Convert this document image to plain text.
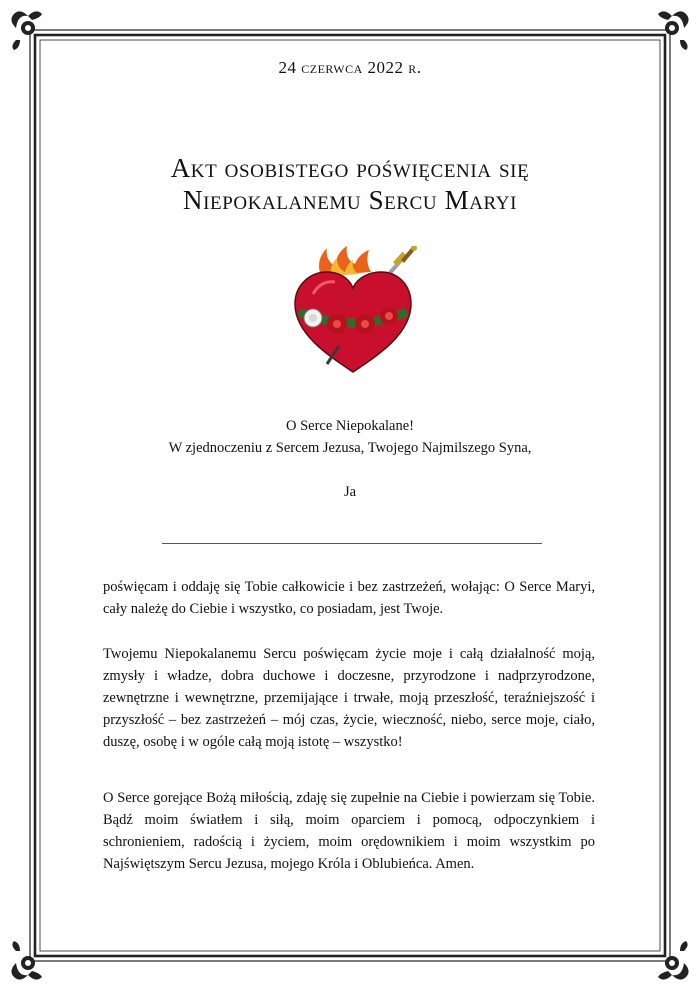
24 czerwca 2022 r.
Akt osobistego poświęcenia się
Niepokalanemu Sercu Maryi
O Serce Niepokalane!
W zjednoczeniu z Sercem Jezusa, Twojego Najmilszego Syna,
Ja

poświęcam i oddaję się Tobie całkowicie i bez zastrzeżeń, wołając: O Serce Maryi, cały należę do Ciebie i wszystko, co posiadam, jest Twoje.

Twojemu Niepokalanemu Sercu poświęcam życie moje i całą działalność moją, zmysły i władze, dobra duchowe i doczesne, przyrodzone i nadprzyrodzone, zewnętrzne i wewnętrzne, przemijające i trwałe, moją przeszłość, teraźniejszość i przyszłość – bez zastrzeżeń – mój czas, życie, wieczność, niebo, serce moje, ciało, duszę, osobę i w ogóle całą moją istotę – wszystko!

O Serce gorejące Bożą miłością, zdaję się zupełnie na Ciebie i powierzam się Tobie. Bądź moim światłem i siłą, moim oparciem i pomocą, odpoczynkiem i schronieniem, radością i życiem, moim orędownikiem i moim wszystkim po Najświętszym Sercu Jezusa, mojego Króla i Oblubieńca. Amen.
